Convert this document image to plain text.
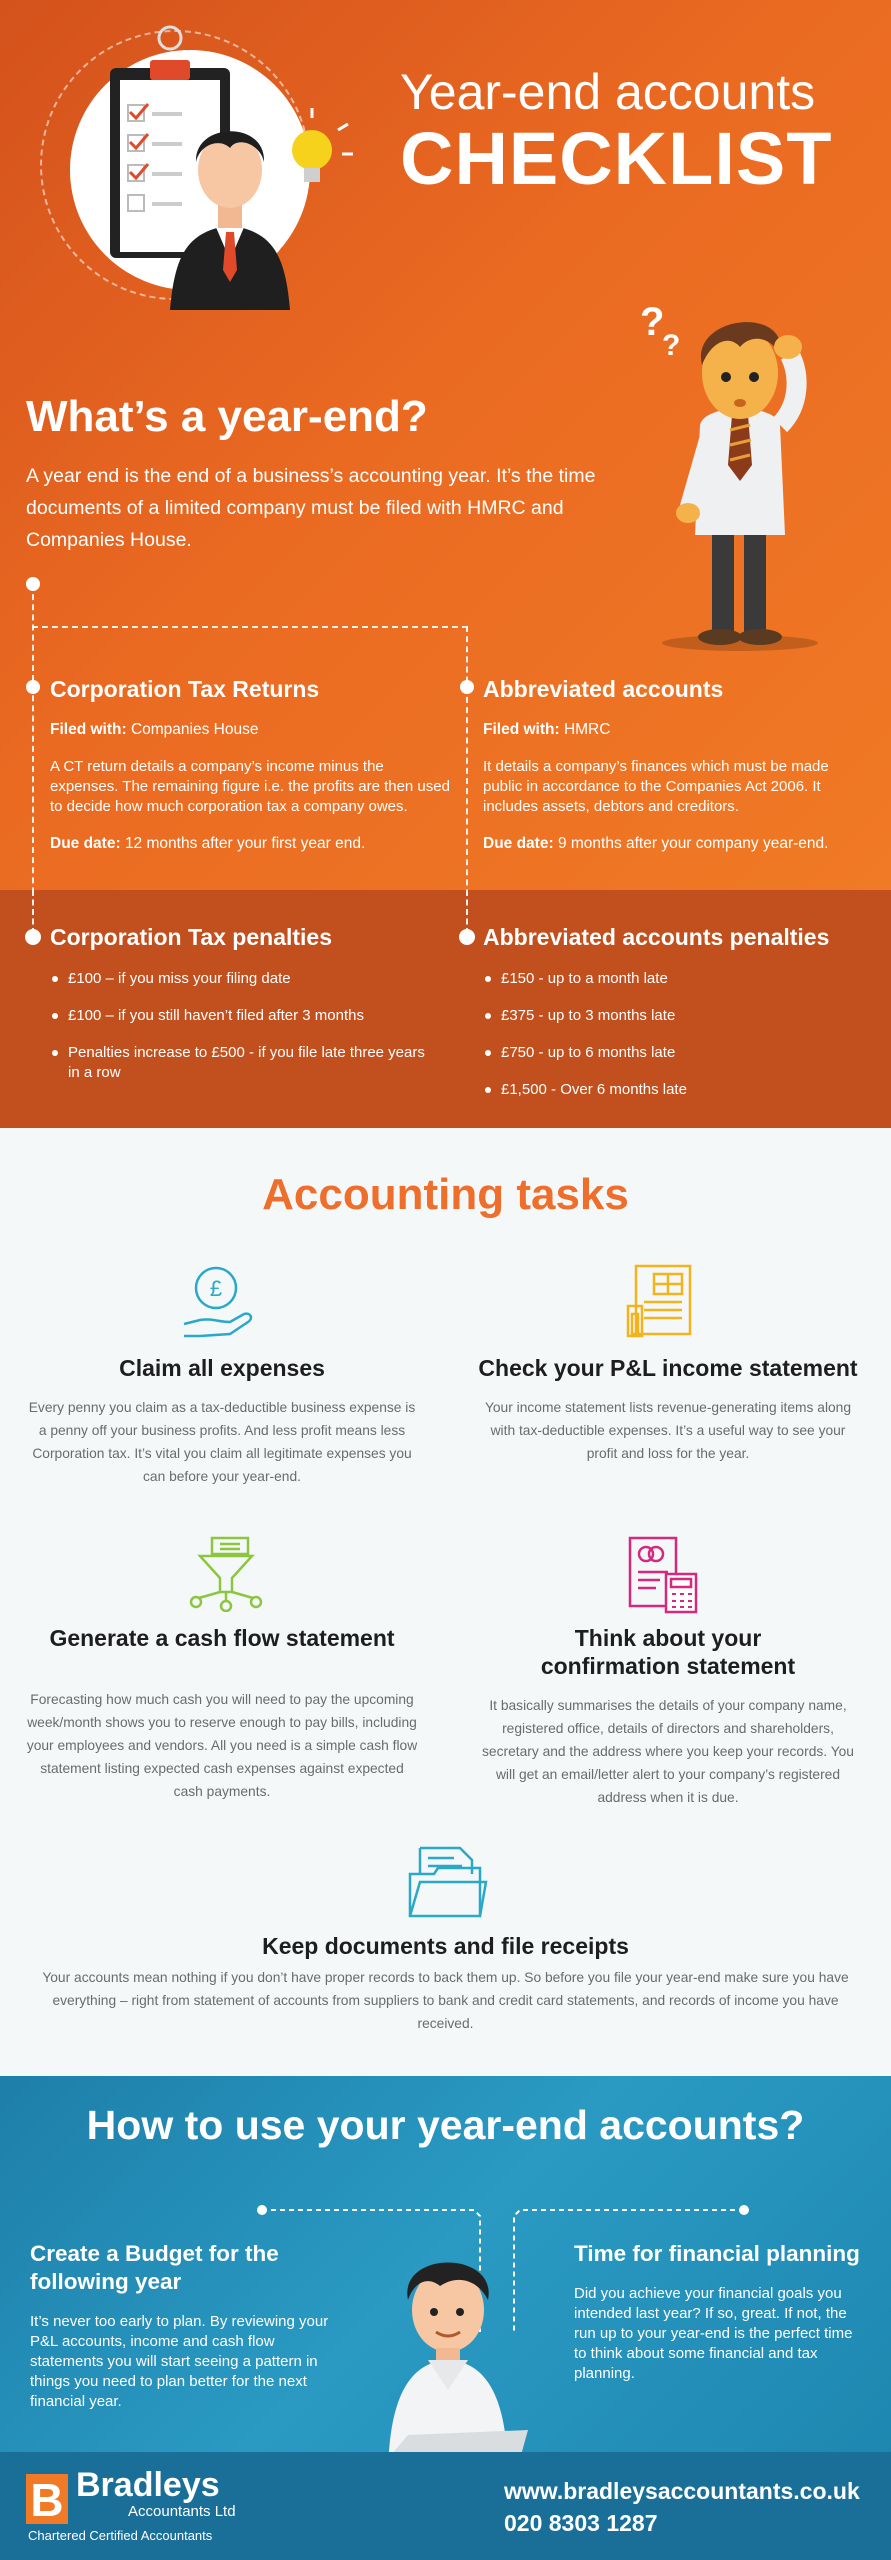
?
?
Year-end accounts
CHECKLIST
What’s a year-end?

A year end is the end of a business’s accounting year. It’s the time documents of a limited company must be filed with HMRC and Companies House.

Corporation Tax Returns
Filed with: Companies House

A CT return details a company’s income minus the expenses. The remaining figure i.e. the profits are then used to decide how much corporation tax a company owes.

Due date: 12 months after your first year end.
Abbreviated accounts
Filed with: HMRC

It details a company’s finances which must be made public in accordance to the Companies Act 2006. It includes assets, debtors and creditors.

Due date: 9 months after your company year-end.
Corporation Tax penalties
£100 – if you miss your filing date
£100 – if you still haven’t filed after 3 months
Penalties increase to £500 - if you file late three years in a row
Abbreviated accounts penalties
£150 - up to a month late
£375 - up to 3 months late
£750 - up to 6 months late
£1,500 - Over 6 months late
Accounting tasks
£
Claim all expenses

Every penny you claim as a tax-deductible business expense is a penny off your business profits. And less profit means less Corporation tax. It’s vital you claim all legitimate expenses you can before your year-end.

Check your P&L income statement

Your income statement lists revenue-generating items along with tax-deductible expenses. It’s a useful way to see your profit and loss for the year.

Generate a cash flow statement

Forecasting how much cash you will need to pay the upcoming week/month shows you to reserve enough to pay bills, including your employees and vendors. All you need is a simple cash flow statement listing expected cash expenses against expected cash payments.

Think about your confirmation statement

It basically summarises the details of your company name, registered office, details of directors and shareholders, secretary and the address where you keep your records. You will get an email/letter alert to your company’s registered address when it is due.

Keep documents and file receipts

Your accounts mean nothing if you don’t have proper records to back them up. So before you file your year-end make sure you have everything – right from statement of accounts from suppliers to bank and credit card statements, and records of income you have received.

How to use your year-end accounts?
Create a Budget for the following year

It’s never too early to plan. By reviewing your P&L accounts, income and cash flow statements you will start seeing a pattern in things you need to plan better for the next financial year.

Time for financial planning

Did you achieve your financial goals you intended last year? If so, great. If not, the run up to your year-end is the perfect time to think about some financial and tax planning.

B Bradleys
Accountants Ltd
Chartered Certified Accountants
www.bradleysaccountants.co.uk
020 8303 1287
